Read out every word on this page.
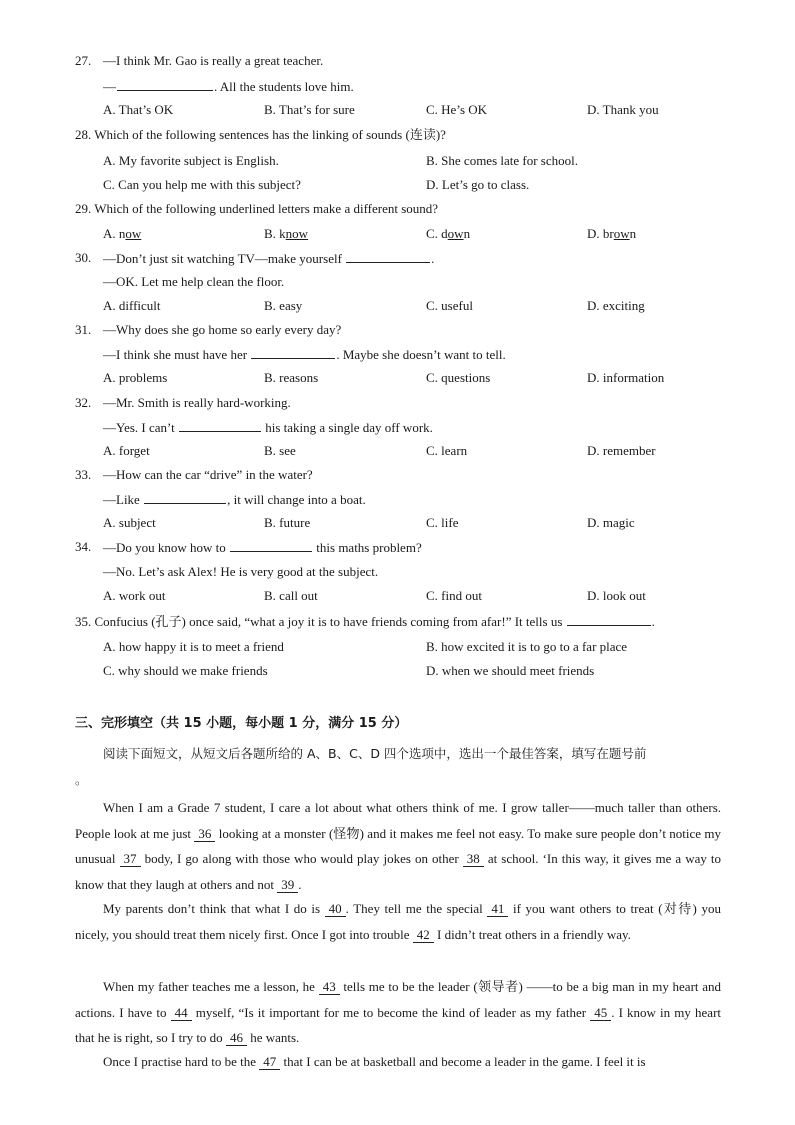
27. —I think Mr. Gao is really a great teacher.
—	. All the students love him.
A. That’s OK	B. That’s for sure	C. He’s OK	D. Thank you
28. Which of the following sentences has the linking of sounds (连读)?
A. My favorite subject is English.	B. She comes late for school.
C. Can you help me with this subject?	D. Let’s go to class.
29. Which of the following underlined letters make a different sound?
A. now	B. know	C. down	D. brown
30. —Don’t just sit watching TV—make yourself	.
—OK. Let me help clean the floor.
A. difficult	B. easy	C. useful	D. exciting
31. —Why does she go home so early every day?
—I think she must have her	. Maybe she doesn’t want to tell.
A. problems	B. reasons	C. questions	D. information
32. —Mr. Smith is really hard-working.
—Yes. I can’t	his taking a single day off work.
A. forget	B. see	C. learn	D. remember
33. —How can the car “drive” in the water?
—Like	, it will change into a boat.
A. subject	B. future	C. life	D. magic
34. —Do you know how to	this maths problem?
—No. Let’s ask Alex! He is very good at the subject.
A. work out	B. call out	C. find out	D. look out
35. Confucius (孔子) once said, “what a joy it is to have friends coming from afar!” It tells us	.
A. how happy it is to meet a friend	B. how excited it is to go to a far place
C. why should we make friends	D. when we should meet friends
三、完形填空（共 15 小题，每小题 1 分，满分 15 分）
阅读下面短文，从短文后各题所给的 A、B、C、D 四个选项中，选出一个最佳答案，填写在题号前
。
When I am a Grade 7 student, I care a lot about what others think of me. I grow taller——much taller than others. People look at me just 36 looking at a monster (怪物) and it makes me feel not easy. To make sure people don’t notice my unusual 37 body, I go along with those who would play jokes on other 38 at school. ‘In this way, it gives me a way to know that they laugh at others and not 39 .
My parents don’t think that what I do is 40 . They tell me the special 41 if you want others to treat (对待) you nicely, you should treat them nicely first. Once I got into trouble 42 I didn’t treat others in a friendly way.
When my father teaches me a lesson, he 43 tells me to be the leader (领导者) ——to be a big man in my heart and actions. I have to 44 myself, “Is it important for me to become the kind of leader as my father 45 . I know in my heart that he is right, so I try to do 46 he wants.
Once I practise hard to be the 47 that I can be at basketball and become a leader in the game. I feel it is
